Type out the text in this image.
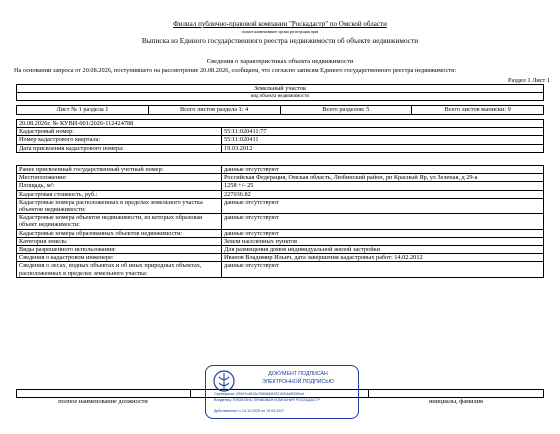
Филиал публично-правовой компании "Роскадастр" по Омской области
полное наименование органа регистрации прав
Выписка из Единого государственного реестра недвижимости об объекте недвижимости
Сведения о характеристиках объекта недвижимости
На основании запроса от 20.08.2026, поступившего на рассмотрение 20.08.2026, сообщаем, что согласно записям Единого государственного реестра недвижимости:
Раздел 1 Лист 1
Земельный участок
вид объекта недвижимости

Лист № 1 раздела 1	Всего листов раздела 1: 4	Всего разделов: 5	Всего листов выписки: 9
20.08.2026г. № КУВИ-001/2026-112424788	
Кадастровый номер:	55:11:020411:77
Номер кадастрового квартала:	55:11:020411
Дата присвоения кадастрового номера:	19.03.2012
Ранее присвоенный государственный учетный номер:	данные отсутствуют
Местоположение:	Российская Федерация, Омская область, Любинский район, рп Красный Яр, ул Зеленая, д 29-а
Площадь, м²:	1258 +/- 25
Кадастровая стоимость, руб.:	227036.82
Кадастровые номера расположенных в пределах земельного участка объектов недвижимости:	данные отсутствуют
Кадастровые номера объектов недвижимости, из которых образован объект недвижимости:	данные отсутствуют
Кадастровые номера образованных объектов недвижимости:	данные отсутствуют
Категория земель:	Земли населенных пунктов
Виды разрешенного использования:	Для размещения домов индивидуальной жилой застройки
Сведения о кадастровом инженере:	Иванов Владимир Ильич, дата завершения кадастровых работ: 14.02.2012
Сведения о лесах, водных объектах и об иных природных объектах, расположенных в пределах земельного участка:	данные отсутствуют
полное наименование должности	инициалы, фамилия
ДОКУМЕНТ ПОДПИСАН
ЭЛЕКТРОННОЙ ПОДПИСЬЮ
Сертификат: 03997c4810e7650660f33210f34d0f25f5a4
Владелец: ПУБЛИЧНО-ПРАВОВАЯ КОМПАНИЯ РОСКАДАСТР
Действителен: с 24.12.2025 по 19.03.2027
